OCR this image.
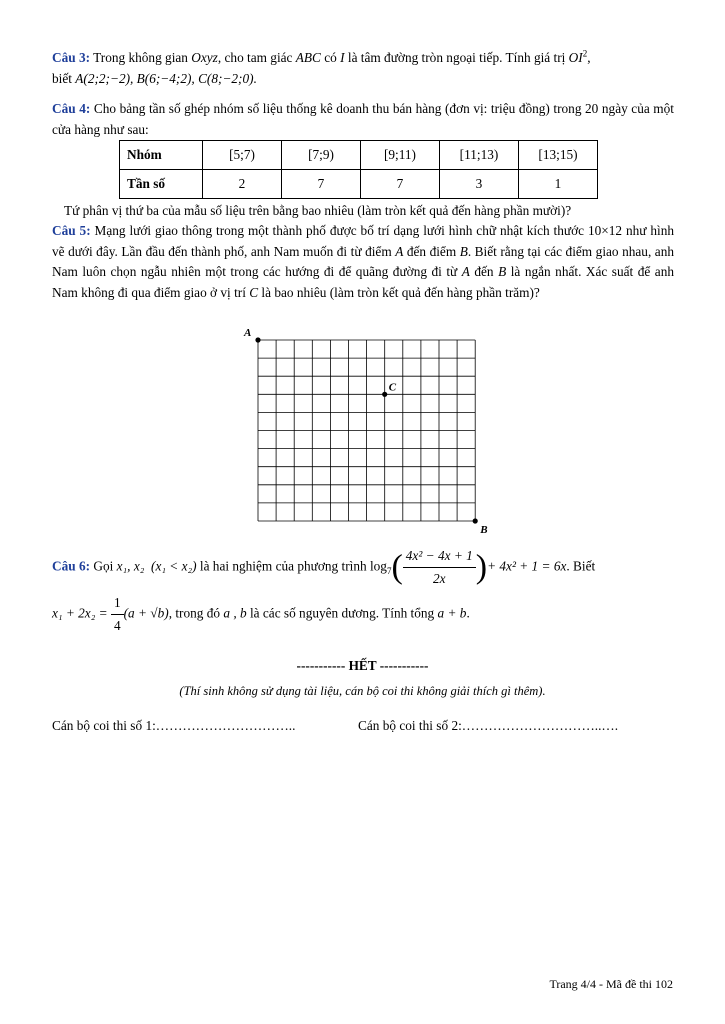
Câu 3: Trong không gian Oxyz, cho tam giác ABC có I là tâm đường tròn ngoại tiếp. Tính giá trị $OI^2$,
biết A(2;2;−2), B(6;−4;2), C(8;−2;0).
Câu 4: Cho bảng tần số ghép nhóm số liệu thống kê doanh thu bán hàng (đơn vị: triệu đồng) trong 20 ngày của một cửa hàng như sau:
Nhóm	[5;7)	[7;9)	[9;11)	[11;13)	[13;15)
Tần số	2	7	7	3	1
Tứ phân vị thứ ba của mẫu số liệu trên bằng bao nhiêu (làm tròn kết quả đến hàng phần mười)?
Câu 5: Mạng lưới giao thông trong một thành phố được bố trí dạng lưới hình chữ nhật kích thước 10×12 như hình vẽ dưới đây. Lần đầu đến thành phố, anh Nam muốn đi từ điểm A đến điểm B. Biết rằng tại các điểm giao nhau, anh Nam luôn chọn ngẫu nhiên một trong các hướng đi để quãng đường đi từ A đến B là ngắn nhất. Xác suất để anh Nam không đi qua điểm giao ở vị trí C là bao nhiêu (làm tròn kết quả đến hàng phần trăm)?
A
B
C
Câu 6: Gọi x₁, x₂ (x₁ < x₂) là hai nghiệm của phương trình $\log_7( \frac{\text{4x² − 4x + 1}}{2x}$ )+ 4x² + 1 = 6x. Biết
$x_1 + 2x_2 = \frac{1}{4} (a + √b)$, trong đó a , b là các số nguyên dương. Tính tổng a + b.
----------- HẾT -----------
(Thí sinh không sử dụng tài liệu, cán bộ coi thi không giải thích gì thêm).
Cán bộ coi thi số 1:…………………………..	Cán bộ coi thi số 2:…………………………..….
Trang 4/4 - Mã đề thi 102
